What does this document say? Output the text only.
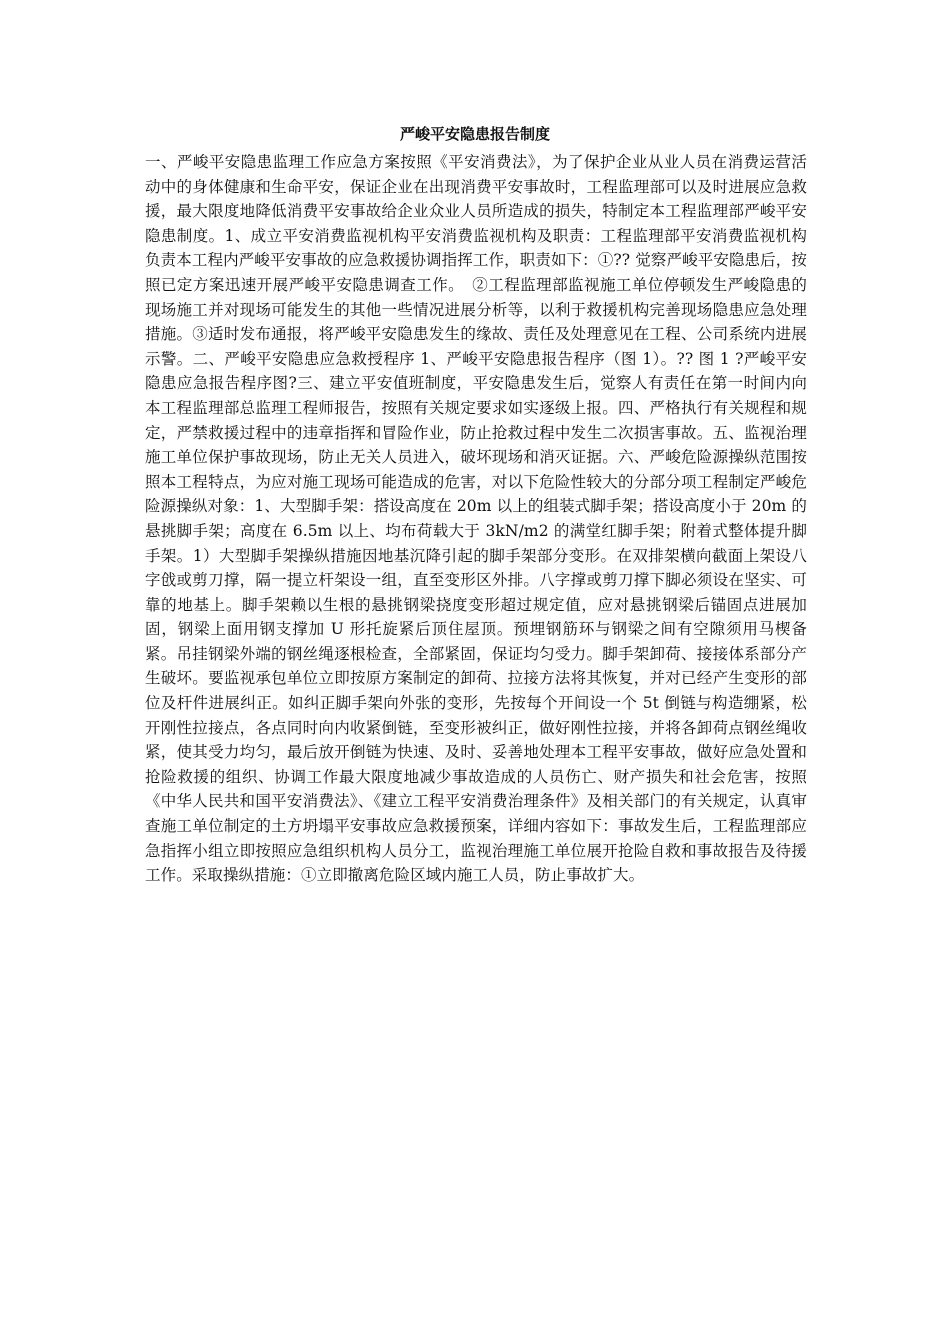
严峻平安隐患报告制度

一、严峻平安隐患监理工作应急方案按照《平安消费法》，为了保护企业从业人员在消费运营活动中的身体健康和生命平安，保证企业在出现消费平安事故时，工程监理部可以及时进展应急救援，最大限度地降低消费平安事故给企业众业人员所造成的损失，特制定本工程监理部严峻平安隐患制度。1、成立平安消费监视机构平安消费监视机构及职责：工程监理部平安消费监视机构负责本工程内严峻平安事故的应急救援协调指挥工作，职责如下：①?? 觉察严峻平安隐患后，按照已定方案迅速开展严峻平安隐患调查工作。　②工程监理部监视施工单位停顿发生严峻隐患的现场施工并对现场可能发生的其他一些情况进展分析等，以利于救援机构完善现场隐患应急处理措施。③适时发布通报，将严峻平安隐患发生的缘故、责任及处理意见在工程、公司系统内进展示警。二、严峻平安隐患应急救授程序 1、严峻平安隐患报告程序（图 1）。?? 图 1 ?严峻平安隐患应急报告程序图?三、建立平安值班制度，平安隐患发生后，觉察人有责任在第一时间内向本工程监理部总监理工程师报告，按照有关规定要求如实逐级上报。四、严格执行有关规程和规定，严禁救援过程中的违章指挥和冒险作业，防止抢救过程中发生二次损害事故。五、监视治理施工单位保护事故现场，防止无关人员进入，破坏现场和消灭证据。六、严峻危险源操纵范围按照本工程特点，为应对施工现场可能造成的危害，对以下危险性较大的分部分项工程制定严峻危险源操纵对象：1、大型脚手架：搭设高度在 20m 以上的组装式脚手架；搭设高度小于 20m 的悬挑脚手架；高度在 6.5m 以上、均布荷载大于 3kN/m2 的满堂红脚手架；附着式整体提升脚手架。1）大型脚手架操纵措施因地基沉降引起的脚手架部分变形。在双排架横向截面上架设八字戗或剪刀撑，隔一提立杆架设一组，直至变形区外排。八字撑或剪刀撑下脚必须设在坚实、可靠的地基上。脚手架赖以生根的悬挑钢梁挠度变形超过规定值，应对悬挑钢梁后锚固点进展加固，钢梁上面用钢支撑加 U 形托旋紧后顶住屋顶。预埋钢筋环与钢梁之间有空隙须用马楔备紧。吊挂钢梁外端的钢丝绳逐根检查，全部紧固，保证均匀受力。脚手架卸荷、接接体系部分产生破坏。要监视承包单位立即按原方案制定的卸荷、拉接方法将其恢复，并对已经产生变形的部位及杆件进展纠正。如纠正脚手架向外张的变形，先按每个开间设一个 5t 倒链与构造绷紧，松开刚性拉接点，各点同时向内收紧倒链，至变形被纠正，做好刚性拉接，并将各卸荷点钢丝绳收紧，使其受力均匀，最后放开倒链为快速、及时、妥善地处理本工程平安事故，做好应急处置和抢险救援的组织、协调工作最大限度地减少事故造成的人员伤亡、财产损失和社会危害，按照《中华人民共和国平安消费法》、《建立工程平安消费治理条件》及相关部门的有关规定，认真审查施工单位制定的土方坍塌平安事故应急救援预案，详细内容如下：事故发生后，工程监理部应急指挥小组立即按照应急组织机构人员分工，监视治理施工单位展开抢险自救和事故报告及待援工作。采取操纵措施：①立即撤离危险区域内施工人员，防止事故扩大。
